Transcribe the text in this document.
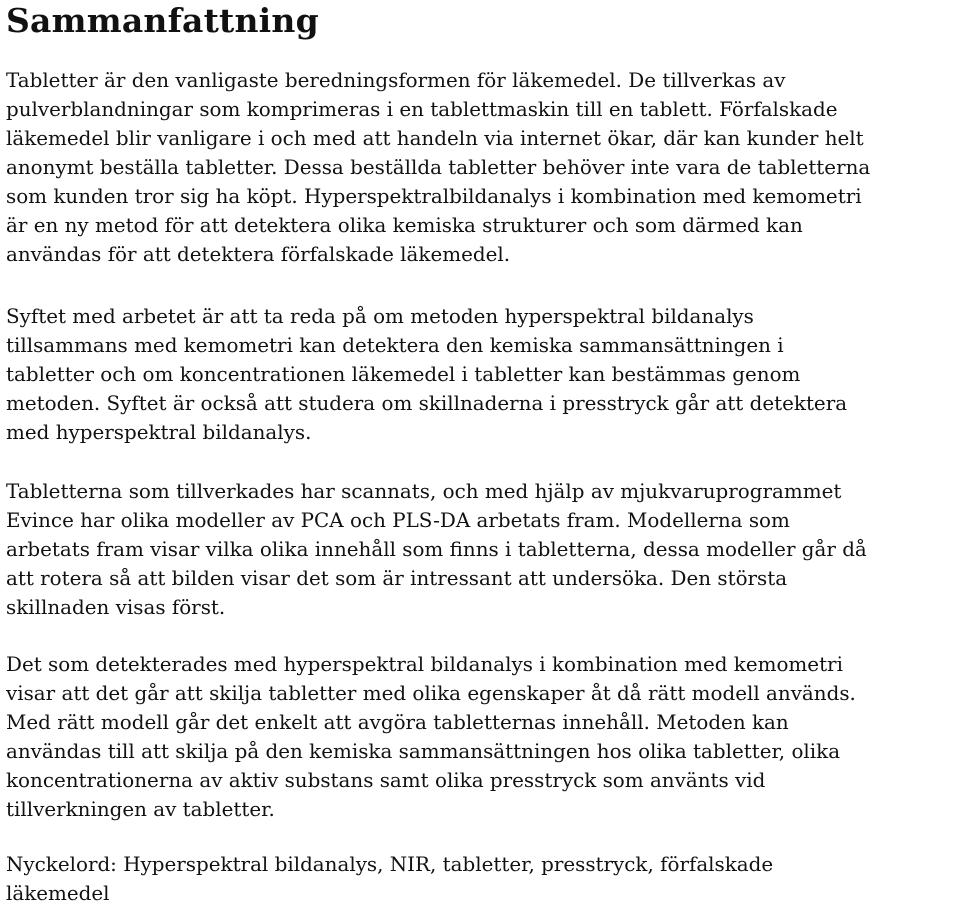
Sammanfattning
Tabletter är den vanligaste beredningsformen för läkemedel. De tillverkas av
pulverblandningar som komprimeras i en tablettmaskin till en tablett. Förfalskade
läkemedel blir vanligare i och med att handeln via internet ökar, där kan kunder helt
anonymt beställa tabletter. Dessa beställda tabletter behöver inte vara de tabletterna
som kunden tror sig ha köpt. Hyperspektralbildanalys i kombination med kemometri
är en ny metod för att detektera olika kemiska strukturer och som därmed kan
användas för att detektera förfalskade läkemedel.
Syftet med arbetet är att ta reda på om metoden hyperspektral bildanalys
tillsammans med kemometri kan detektera den kemiska sammansättningen i
tabletter och om koncentrationen läkemedel i tabletter kan bestämmas genom
metoden. Syftet är också att studera om skillnaderna i presstryck går att detektera
med hyperspektral bildanalys.
Tabletterna som tillverkades har scannats, och med hjälp av mjukvaruprogrammet
Evince har olika modeller av PCA och PLS-DA arbetats fram. Modellerna som
arbetats fram visar vilka olika innehåll som finns i tabletterna, dessa modeller går då
att rotera så att bilden visar det som är intressant att undersöka. Den största
skillnaden visas först.
Det som detekterades med hyperspektral bildanalys i kombination med kemometri
visar att det går att skilja tabletter med olika egenskaper åt då rätt modell används.
Med rätt modell går det enkelt att avgöra tabletternas innehåll. Metoden kan
användas till att skilja på den kemiska sammansättningen hos olika tabletter, olika
koncentrationerna av aktiv substans samt olika presstryck som använts vid
tillverkningen av tabletter.
Nyckelord: Hyperspektral bildanalys, NIR, tabletter, presstryck, förfalskade
läkemedel
